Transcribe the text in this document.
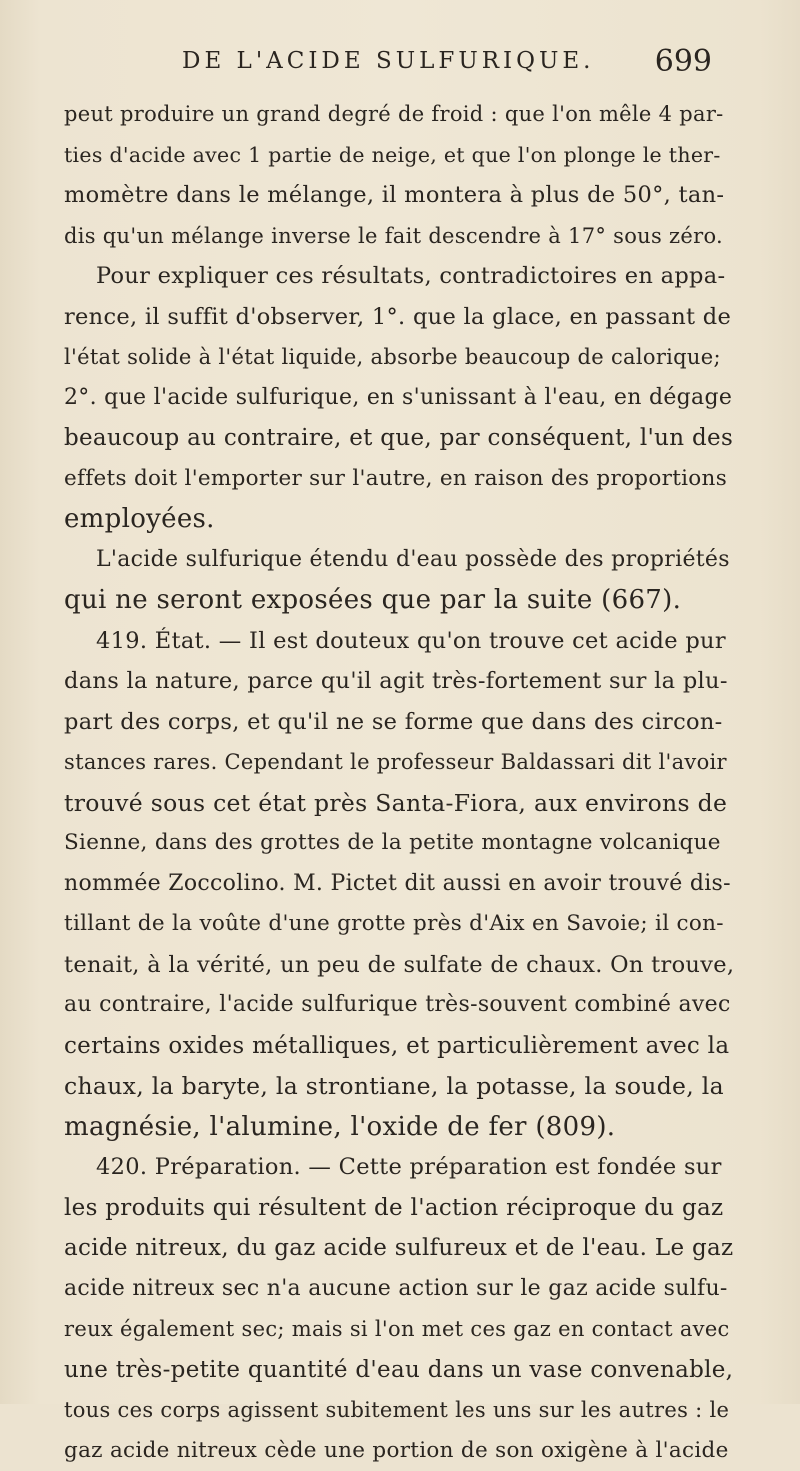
DE L'ACIDE SULFURIQUE. 699
peut produire un grand degré de froid : que l'on mêle 4 par-
ties d'acide avec 1 partie de neige, et que l'on plonge le ther-
momètre dans le mélange, il montera à plus de 50°, tan-
dis qu'un mélange inverse le fait descendre à 17° sous zéro.
Pour expliquer ces résultats, contradictoires en appa-
rence, il suffit d'observer, 1°. que la glace, en passant de
l'état solide à l'état liquide, absorbe beaucoup de calorique;
2°. que l'acide sulfurique, en s'unissant à l'eau, en dégage
beaucoup au contraire, et que, par conséquent, l'un des
effets doit l'emporter sur l'autre, en raison des proportions
employées.
L'acide sulfurique étendu d'eau possède des propriétés
qui ne seront exposées que par la suite (667).
419. État. — Il est douteux qu'on trouve cet acide pur
dans la nature, parce qu'il agit très-fortement sur la plu-
part des corps, et qu'il ne se forme que dans des circon-
stances rares. Cependant le professeur Baldassari dit l'avoir
trouvé sous cet état près Santa-Fiora, aux environs de
Sienne, dans des grottes de la petite montagne volcanique
nommée Zoccolino. M. Pictet dit aussi en avoir trouvé dis-
tillant de la voûte d'une grotte près d'Aix en Savoie; il con-
tenait, à la vérité, un peu de sulfate de chaux. On trouve,
au contraire, l'acide sulfurique très-souvent combiné avec
certains oxides métalliques, et particulièrement avec la
chaux, la baryte, la strontiane, la potasse, la soude, la
magnésie, l'alumine, l'oxide de fer (809).
420. Préparation. — Cette préparation est fondée sur
les produits qui résultent de l'action réciproque du gaz
acide nitreux, du gaz acide sulfureux et de l'eau. Le gaz
acide nitreux sec n'a aucune action sur le gaz acide sulfu-
reux également sec; mais si l'on met ces gaz en contact avec
une très-petite quantité d'eau dans un vase convenable,
tous ces corps agissent subitement les uns sur les autres : le
gaz acide nitreux cède une portion de son oxigène à l'acide
